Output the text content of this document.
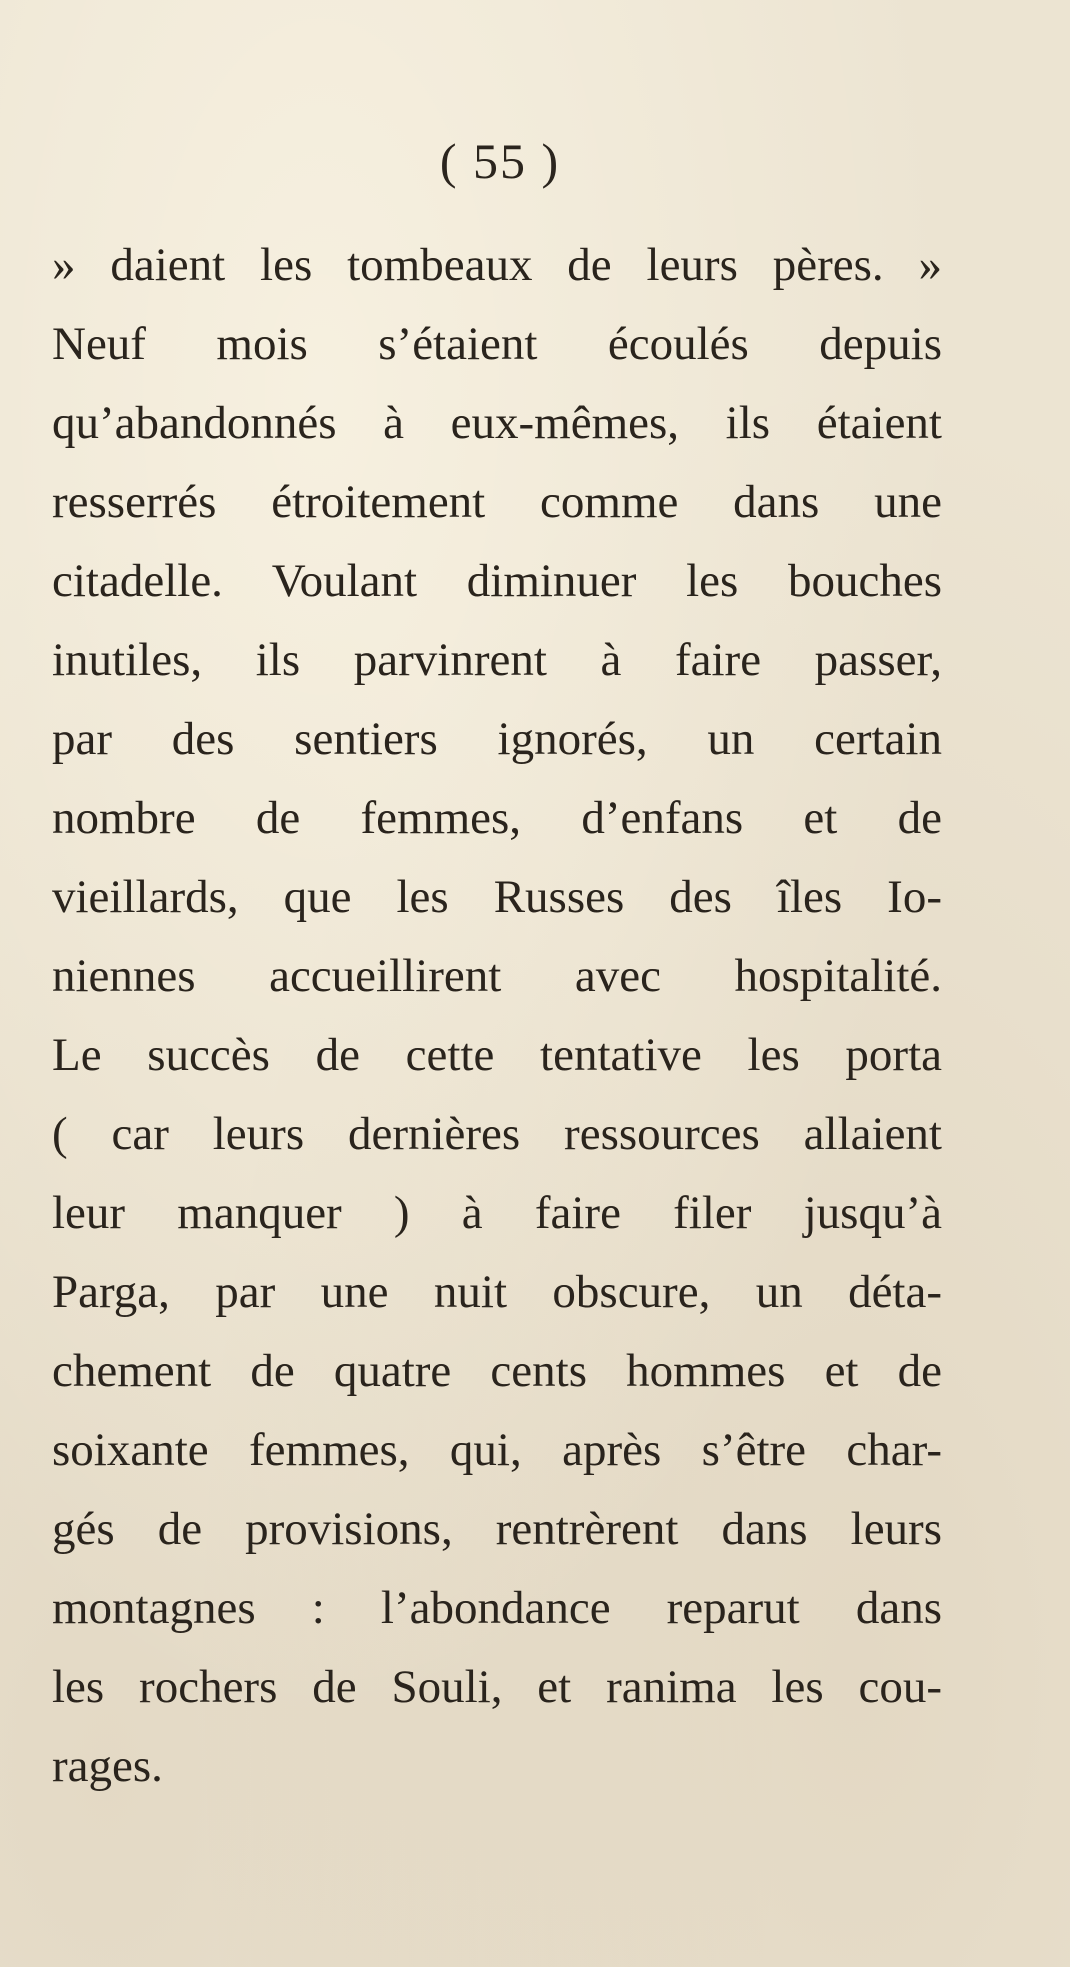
( 55 )
» daient les tombeaux de leurs pères. »
Neuf mois s’étaient écoulés depuis
qu’abandonnés à eux-mêmes, ils étaient
resserrés étroitement comme dans une
citadelle. Voulant diminuer les bouches
inutiles, ils parvinrent à faire passer,
par des sentiers ignorés, un certain
nombre de femmes, d’enfans et de
vieillards, que les Russes des îles Io-
niennes accueillirent avec hospitalité.
Le succès de cette tentative les porta
( car leurs dernières ressources allaient
leur manquer ) à faire filer jusqu’à
Parga, par une nuit obscure, un déta-
chement de quatre cents hommes et de
soixante femmes, qui, après s’être char-
gés de provisions, rentrèrent dans leurs
montagnes : l’abondance reparut dans
les rochers de Souli, et ranima les cou-
rages.
